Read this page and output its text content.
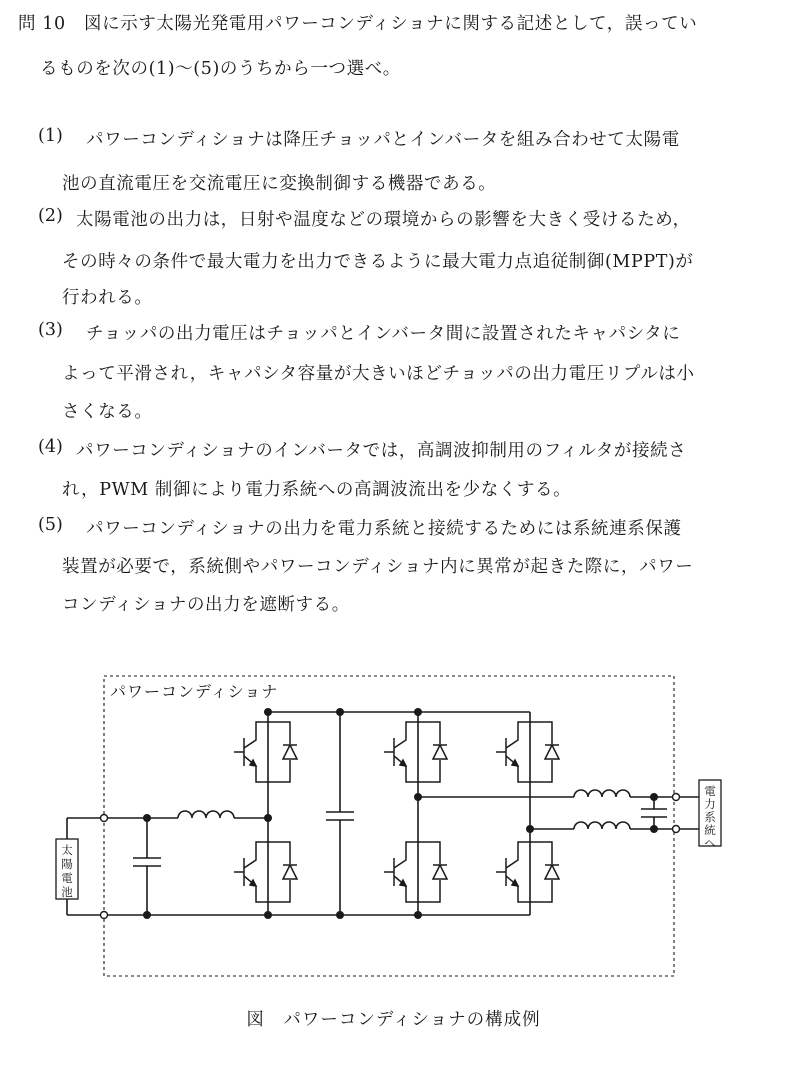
問 10 図に示す太陽光発電用パワーコンディショナに関する記述として，誤ってい
るものを次の(1)～(5)のうちから一つ選べ。
(1) パワーコンディショナは降圧チョッパとインバータを組み合わせて太陽電
池の直流電圧を交流電圧に変換制御する機器である。
(2) 太陽電池の出力は，日射や温度などの環境からの影響を大きく受けるため，
その時々の条件で最大電力を出力できるように最大電力点追従制御(MPPT)が
行われる。
(3) チョッパの出力電圧はチョッパとインバータ間に設置されたキャパシタに
よって平滑され，キャパシタ容量が大きいほどチョッパの出力電圧リプルは小
さくなる。
(4) パワーコンディショナのインバータでは，高調波抑制用のフィルタが接続さ
れ，PWM 制御により電力系統への高調波流出を少なくする。
(5) パワーコンディショナの出力を電力系統と接続するためには系統連系保護
装置が必要で，系統側やパワーコンディショナ内に異常が起きた際に，パワー
コンディショナの出力を遮断する。
パワーコンディショナ
太陽電池
電力系統へ
図　パワーコンディショナの構成例
